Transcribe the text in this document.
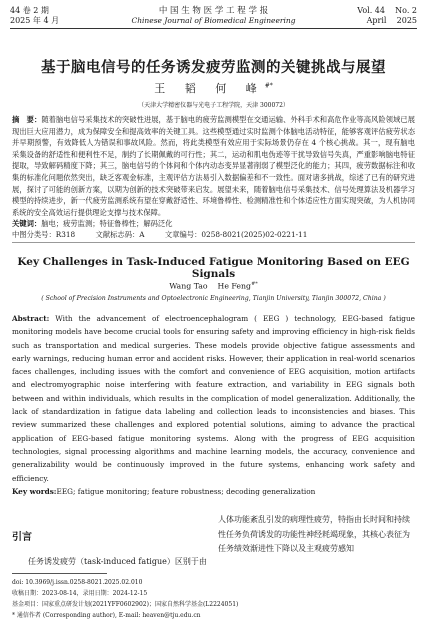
44 卷 2 期
2025 年 4 月
中 国 生 物 医 学 工 程 学 报
Chinese Journal of Biomedical Engineering
Vol. 44    No. 2
April    2025
基于脑电信号的任务诱发疲劳监测的关键挑战与展望
王 韬 何 峰#*
（天津大学精密仪器与光电子工程学院，天津 300072）
摘　要：随着脑电信号采集技术的突破性进展，基于脑电的疲劳监测模型在交通运输、外科手术和高危作业等高风险领域已展现出巨大应用潜力，成为保障安全和提高效率的关键工具。这些模型通过实时监测个体脑电活动特征，能够客观评估疲劳状态并早期预警，有效降低人为错误和事故风险。然而，将此类模型有效应用于实际场景仍存在 4 个核心挑战。其一，现有脑电采集设备的舒适性和便利性不足，制约了长期佩戴的可行性；其二，运动和肌电伪迹等干扰导致信号失真，严重影响脑电特征提取，导致解码精度下降；其三，脑电信号的个体间和个体内动态变异显著削弱了模型泛化的能力；其四，疲劳数据标注和收集的标准化问题依然突出，缺乏客观金标准，主观评估方法易引入数据偏差和不一致性。面对诸多挑战，综述了已有的研究进展，探讨了可能的创新方案，以期为创新的技术突破带来启发。展望未来，随着脑电信号采集技术、信号处理算法及机器学习模型的持续进步，新一代疲劳监测系统有望在穿戴舒适性、环境鲁棒性、检测精准性和个体适应性方面实现突破，为人机协同系统的安全高效运行提供理论支撑与技术保障。
关键词：脑电；疲劳监测；特征鲁棒性；解码泛化
中图分类号：R318	文献标志码：A	文章编号：0258-8021(2025)02-0221-11
Key Challenges in Task-Induced Fatigue Monitoring Based on EEG Signals
Wang Tao    He Feng#*
( School of Precision Instruments and Optoelectronic Engineering, Tianjin University, Tianjin 300072, China )
Abstract: With the advancement of electroencephalogram ( EEG ) technology, EEG-based fatigue monitoring models have become crucial tools for ensuring safety and improving efficiency in high-risk fields such as transportation and medical surgeries. These models provide objective fatigue assessments and early warnings, reducing human error and accident risks. However, their application in real-world scenarios faces challenges, including issues with the comfort and convenience of EEG acquisition, motion artifacts and electromyographic noise interfering with feature extraction, and variability in EEG signals both between and within individuals, which results in the complication of model generalization. Additionally, the lack of standardization in fatigue data labeling and collection leads to inconsistencies and biases. This review summarized these challenges and explored potential solutions, aiming to advance the practical application of EEG-based fatigue monitoring systems. Along with the progress of EEG acquisition technologies, signal processing algorithms and machine learning models, the accuracy, convenience and generalizability would be continuously improved in the future systems, enhancing work safety and efficiency.
Key words:EEG; fatigue monitoring; feature robustness; decoding generalization
引言
任务诱发疲劳（task-induced fatigue）区别于由
人体功能紊乱引发的病理性疲劳，特指由长时间和持续性任务负荷诱发的功能性神经耗竭现象，其核心表征为任务绩效渐进性下降以及主观疲劳感知
doi: 10.3969/j.issn.0258-8021.2025.02.010
收稿日期：2023-08-14，录用日期：2024-12-15
基金项目：国家重点研发计划(2021YFF0602902)；国家自然科学基金(L2224051)
* 通信作者 (Corresponding author), E-mail: heaven@tju.edu.cn
